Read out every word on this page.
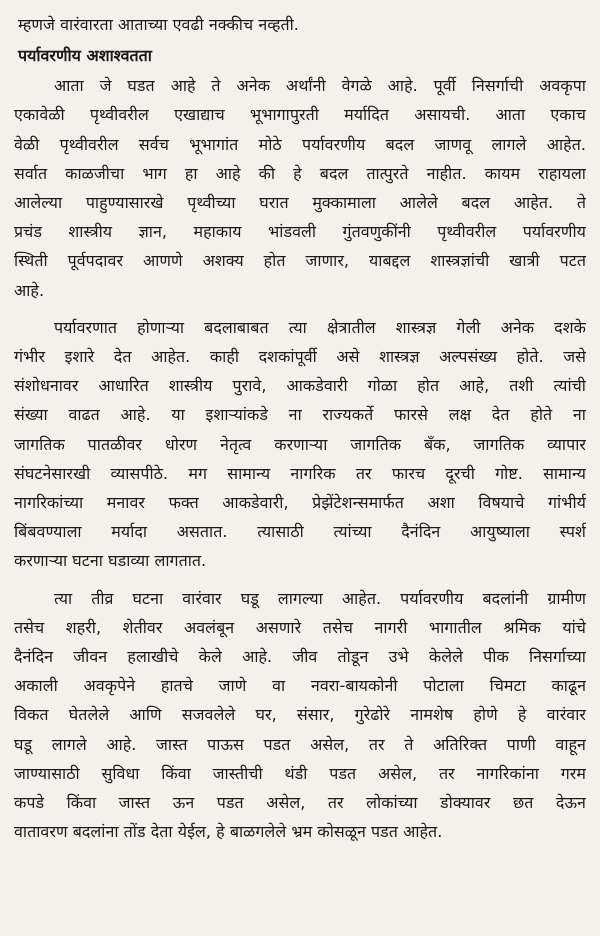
म्हणजे वारंवारता आताच्या एवढी नक्कीच नव्हती.
पर्यावरणीय अशाश्वतता
आता जे घडत आहे ते अनेक अर्थांनी वेगळे आहे. पूर्वी निसर्गाची अवकृपा
एकावेळी पृथ्वीवरील एखाद्याच भूभागापुरती मर्यादित असायची. आता एकाच
वेळी पृथ्वीवरील सर्वच भूभागांत मोठे पर्यावरणीय बदल जाणवू लागले आहेत.
सर्वात काळजीचा भाग हा आहे की हे बदल तात्पुरते नाहीत. कायम राहायला
आलेल्या पाहुण्यासारखे पृथ्वीच्या घरात मुक्कामाला आलेले बदल आहेत. ते
प्रचंड शास्त्रीय ज्ञान, महाकाय भांडवली गुंतवणुकींनी पृथ्वीवरील पर्यावरणीय
स्थिती पूर्वपदावर आणणे अशक्य होत जाणार, याबद्दल शास्त्रज्ञांची खात्री पटत
आहे.
पर्यावरणात होणाऱ्या बदलाबाबत त्या क्षेत्रातील शास्त्रज्ञ गेली अनेक दशके
गंभीर इशारे देत आहेत. काही दशकांपूर्वी असे शास्त्रज्ञ अल्पसंख्य होते. जसे
संशोधनावर आधारित शास्त्रीय पुरावे, आकडेवारी गोळा होत आहे, तशी त्यांची
संख्या वाढत आहे. या इशाऱ्यांकडे ना राज्यकर्ते फारसे लक्ष देत होते ना
जागतिक पातळीवर धोरण नेतृत्व करणाऱ्या जागतिक बँक, जागतिक व्यापार
संघटनेसारखी व्यासपीठे. मग सामान्य नागरिक तर फारच दूरची गोष्ट. सामान्य
नागरिकांच्या मनावर फक्त आकडेवारी, प्रेझेंटेशन्समार्फत अशा विषयाचे गांभीर्य
बिंबवण्याला मर्यादा असतात. त्यासाठी त्यांच्या दैनंदिन आयुष्याला स्पर्श
करणाऱ्या घटना घडाव्या लागतात.
त्या तीव्र घटना वारंवार घडू लागल्या आहेत. पर्यावरणीय बदलांनी ग्रामीण
तसेच शहरी, शेतीवर अवलंबून असणारे तसेच नागरी भागातील श्रमिक यांचे
दैनंदिन जीवन हलाखीचे केले आहे. जीव तोडून उभे केलेले पीक निसर्गाच्या
अकाली अवकृपेने हातचे जाणे वा नवरा-बायकोनी पोटाला चिमटा काढून
विकत घेतलेले आणि सजवलेले घर, संसार, गुरेढोरे नामशेष होणे हे वारंवार
घडू लागले आहे. जास्त पाऊस पडत असेल, तर ते अतिरिक्त पाणी वाहून
जाण्यासाठी सुविधा किंवा जास्तीची थंडी पडत असेल, तर नागरिकांना गरम
कपडे किंवा जास्त ऊन पडत असेल, तर लोकांच्या डोक्यावर छत देऊन
वातावरण बदलांना तोंड देता येईल, हे बाळगलेले भ्रम कोसळून पडत आहेत.
